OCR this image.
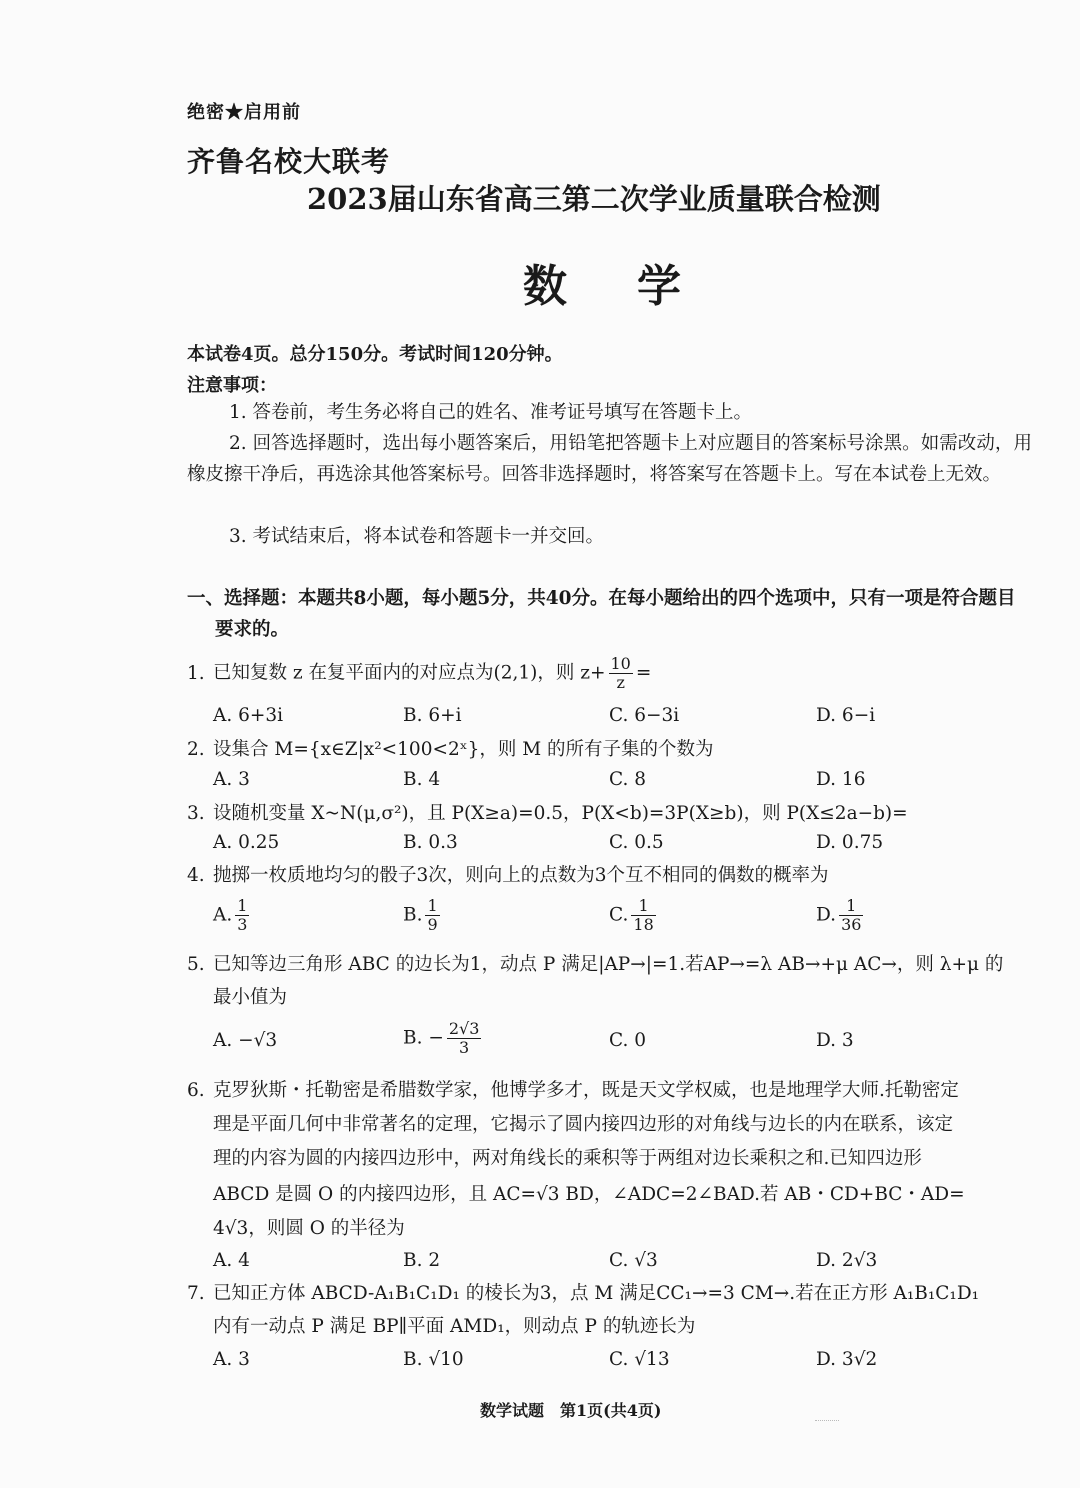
绝密★启用前
齐鲁名校大联考
2023届山东省高三第二次学业质量联合检测
数学
本试卷4页。总分150分。考试时间120分钟。
注意事项：
1. 答卷前，考生务必将自己的姓名、准考证号填写在答题卡上。
2. 回答选择题时，选出每小题答案后，用铅笔把答题卡上对应题目的答案标号涂黑。如需改动，用橡皮擦干净后，再选涂其他答案标号。回答非选择题时，将答案写在答题卡上。写在本试卷上无效。
3. 考试结束后，将本试卷和答题卡一并交回。
一、选择题：本题共8小题，每小题5分，共40分。在每小题给出的四个选项中，只有一项是符合题目要求的。
1. 已知复数 z 在复平面内的对应点为(2,1)，则 $z+ \frac{10}{z}$ =
A. 6+3i	B. 6+i	C. 6−3i	D. 6−i
2. 设集合 M={x∈Z|x²<100<2ˣ}，则 M 的所有子集的个数为
A. 3	B. 4	C. 8	D. 16
3. 设随机变量 X~N(μ,σ²)，且 P(X≥a)=0.5，P(X<b)=3P(X≥b)，则 P(X≤2a−b)=
A. 0.25	B. 0.3	C. 0.5	D. 0.75
4. 抛掷一枚质地均匀的骰子3次，则向上的点数为3个互不相同的偶数的概率为
A. $\frac{1}{3}$	B. $\frac{1}{9}$	C. $\frac{1}{18}$	D. $\frac{1}{36}$
5. 已知等边三角形 ABC 的边长为1，动点 P 满足|AP→|=1.若AP→=λ AB→+μ AC→，则 λ+μ 的
最小值为
A. −√3	B. − $\frac{2√3}{3}$	C. 0	D. 3
6. 克罗狄斯・托勒密是希腊数学家，他博学多才，既是天文学权威，也是地理学大师.托勒密定
理是平面几何中非常著名的定理，它揭示了圆内接四边形的对角线与边长的内在联系，该定
理的内容为圆的内接四边形中，两对角线长的乘积等于两组对边长乘积之和.已知四边形
ABCD 是圆 O 的内接四边形，且 AC=√3 BD，∠ADC=2∠BAD.若 AB・CD+BC・AD=
4√3，则圆 O 的半径为
A. 4	B. 2	C. √3	D. 2√3
7. 已知正方体 ABCD-A₁B₁C₁D₁ 的棱长为3，点 M 满足CC₁→=3 CM→.若在正方形 A₁B₁C₁D₁
内有一动点 P 满足 BP∥平面 AMD₁，则动点 P 的轨迹长为
A. 3	B. √10	C. √13	D. 3√2
数学试题　第1页(共4页)
